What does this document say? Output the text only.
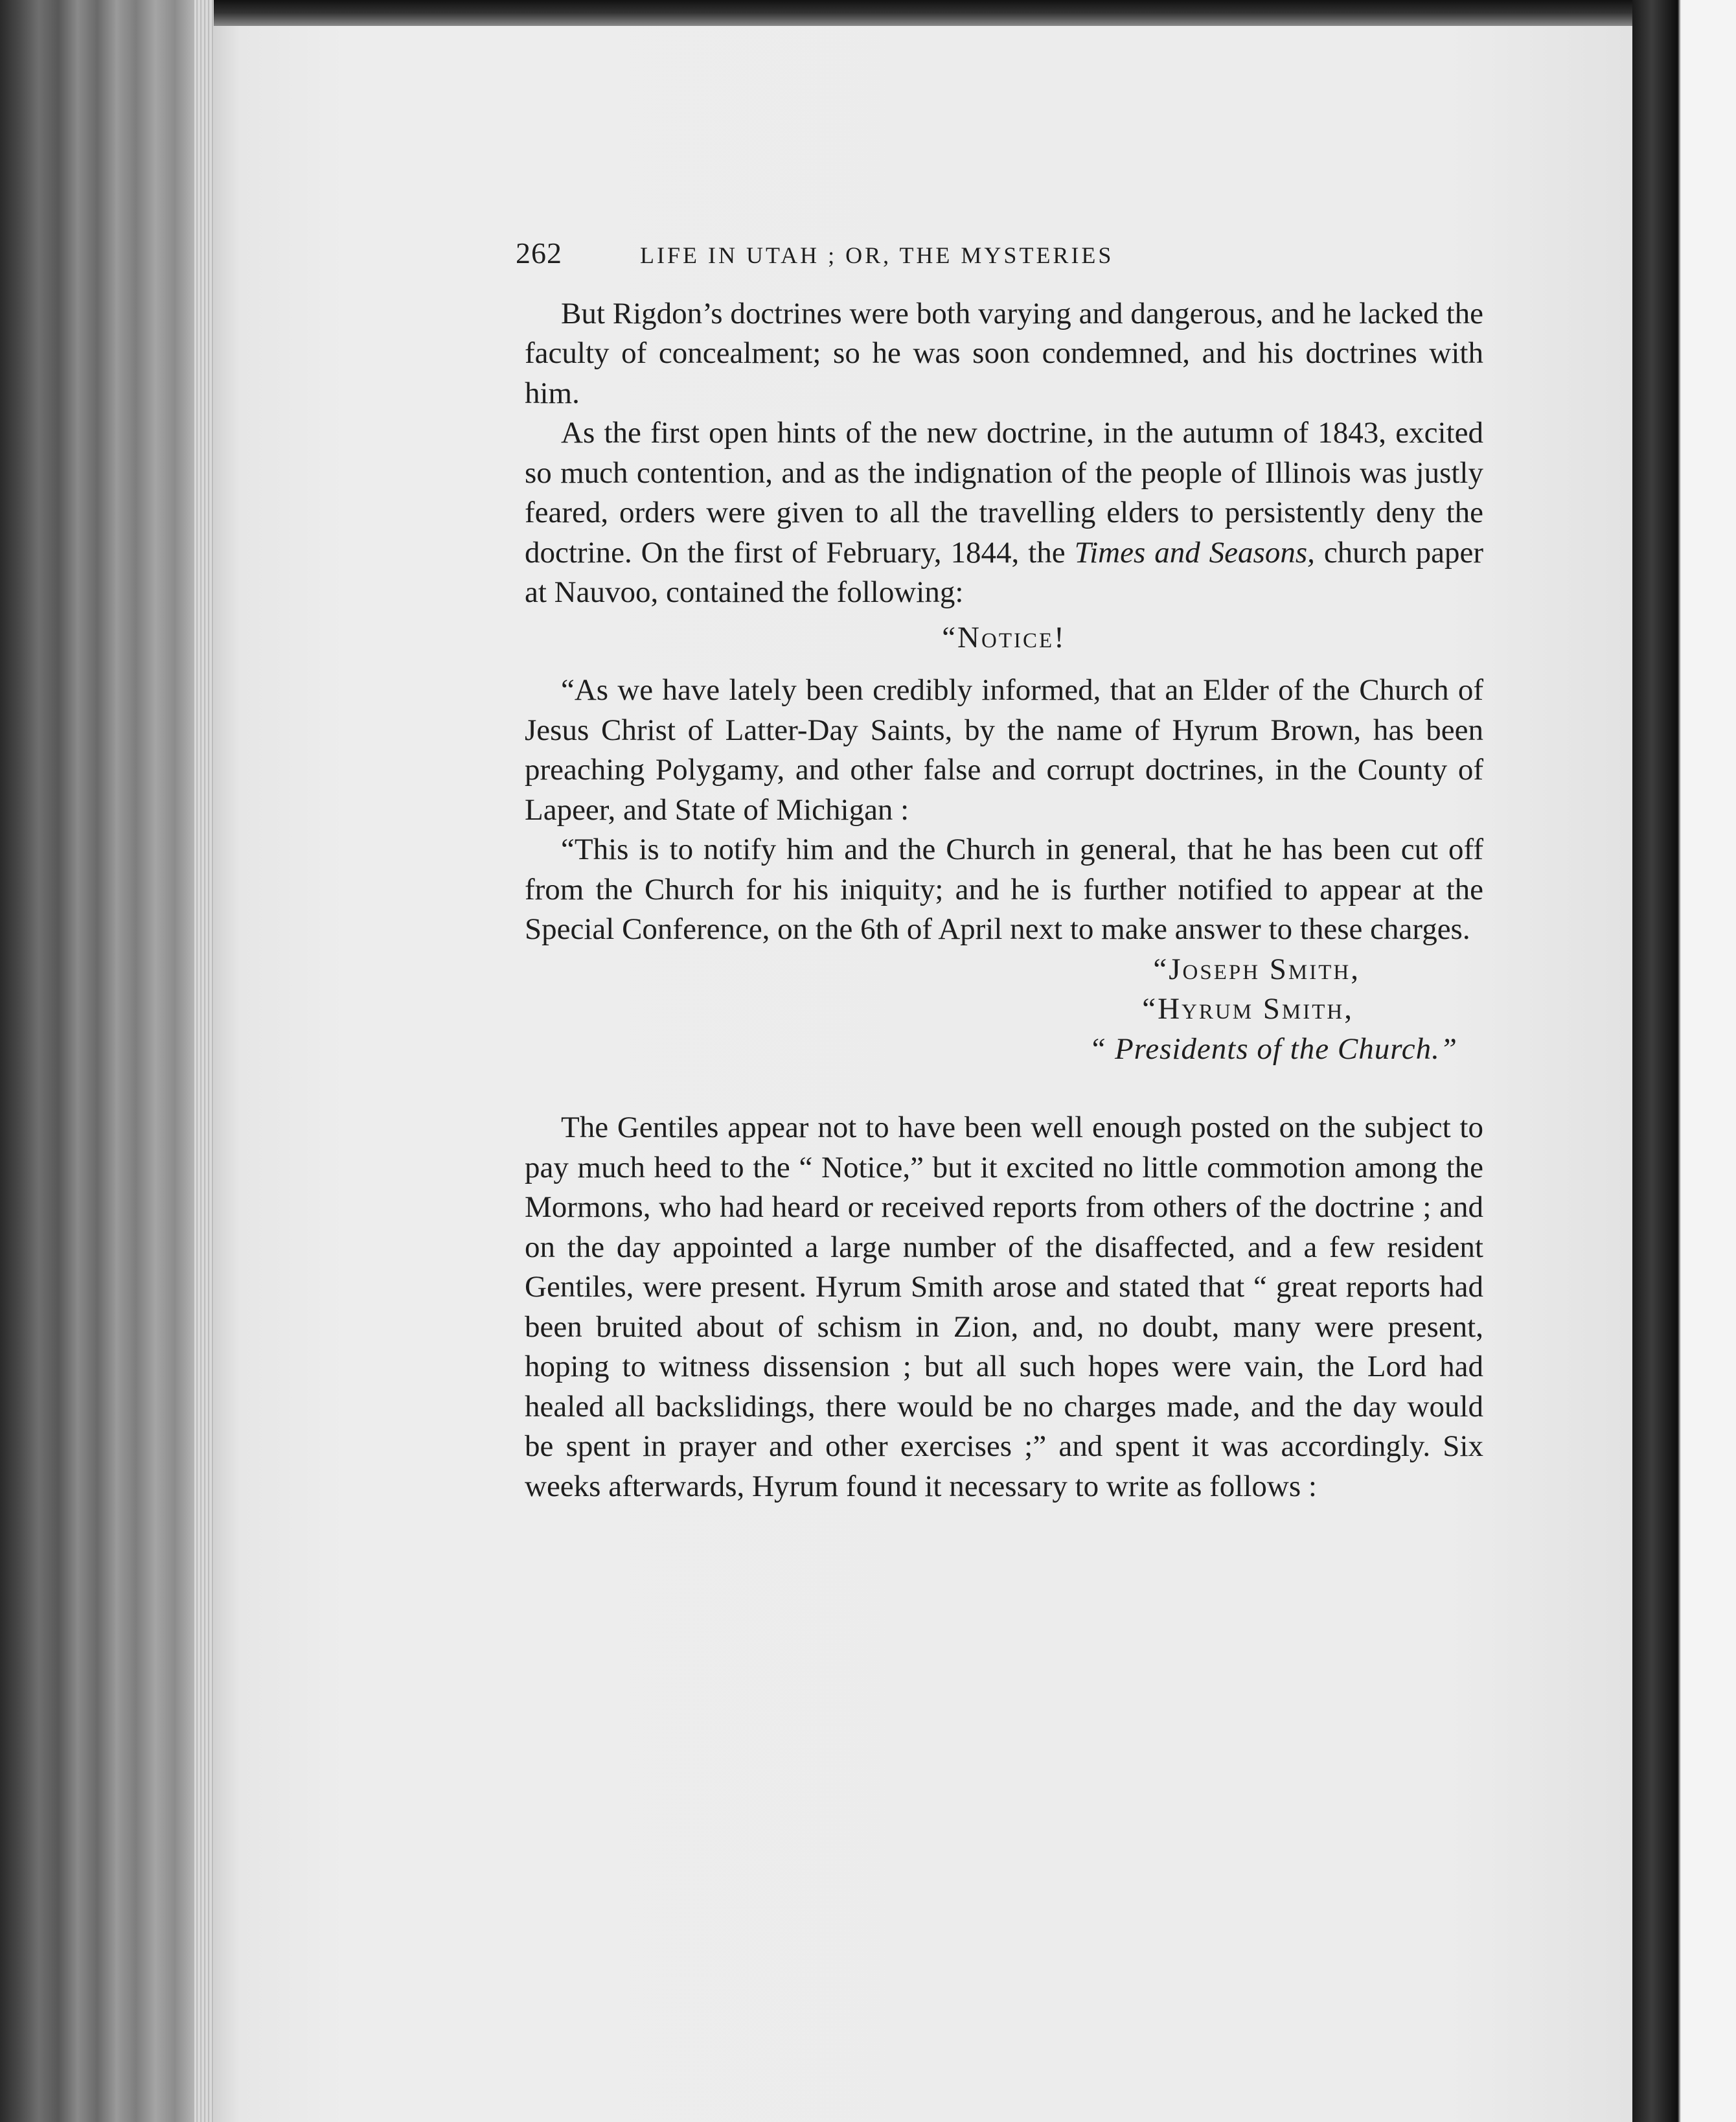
262	LIFE IN UTAH ; OR, THE MYSTERIES

But Rigdon’s doctrines were both varying and dangerous, and he lacked the faculty of concealment; so he was soon condemned, and his doctrines with him.

As the first open hints of the new doctrine, in the autumn of 1843, excited so much contention, and as the indignation of the people of Illinois was justly feared, orders were given to all the travelling elders to persistently deny the doctrine. On the first of February, 1844, the Times and Seasons, church paper at Nauvoo, contained the following:

“Notice!

“As we have lately been credibly informed, that an Elder of the Church of Jesus Christ of Latter-Day Saints, by the name of Hyrum Brown, has been preaching Polygamy, and other false and corrupt doctrines, in the County of Lapeer, and State of Michigan :

“This is to notify him and the Church in general, that he has been cut off from the Church for his iniquity; and he is further notified to appear at the Special Conference, on the 6th of April next to make answer to these charges.

“Joseph Smith,
“Hyrum Smith,
“ Presidents of the Church.”

The Gentiles appear not to have been well enough posted on the subject to pay much heed to the “ Notice,” but it excited no little commotion among the Mormons, who had heard or received reports from others of the doctrine ; and on the day appointed a large number of the disaffected, and a few resident Gentiles, were present. Hyrum Smith arose and stated that “ great reports had been bruited about of schism in Zion, and, no doubt, many were present, hoping to witness dissension ; but all such hopes were vain, the Lord had healed all backslidings, there would be no charges made, and the day would be spent in prayer and other exercises ;” and spent it was accordingly. Six weeks afterwards, Hyrum found it necessary to write as follows :
